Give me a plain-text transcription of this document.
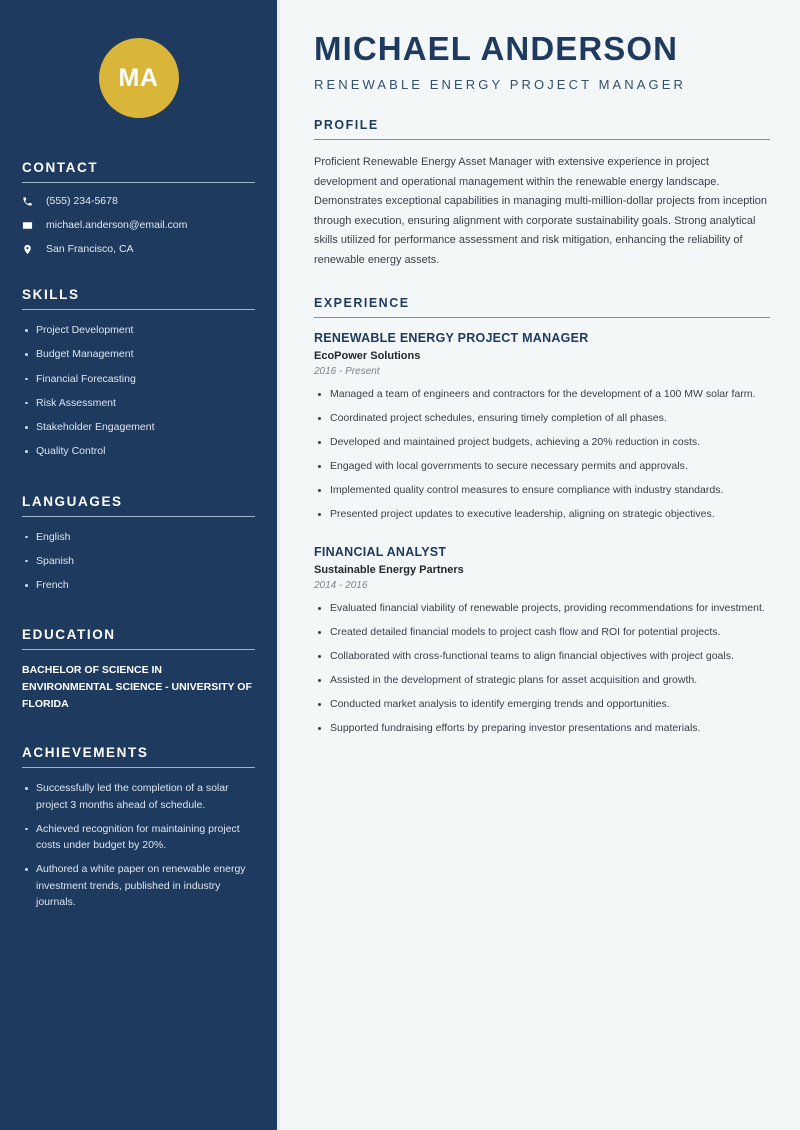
MA
CONTACT
(555) 234-5678
michael.anderson@email.com
San Francisco, CA
SKILLS
Project Development
Budget Management
Financial Forecasting
Risk Assessment
Stakeholder Engagement
Quality Control
LANGUAGES
English
Spanish
French
EDUCATION
BACHELOR OF SCIENCE IN ENVIRONMENTAL SCIENCE - UNIVERSITY OF FLORIDA
ACHIEVEMENTS
Successfully led the completion of a solar project 3 months ahead of schedule.
Achieved recognition for maintaining project costs under budget by 20%.
Authored a white paper on renewable energy investment trends, published in industry journals.
MICHAEL ANDERSON
RENEWABLE ENERGY PROJECT MANAGER
PROFILE

Proficient Renewable Energy Asset Manager with extensive experience in project development and operational management within the renewable energy landscape. Demonstrates exceptional capabilities in managing multi-million-dollar projects from inception through execution, ensuring alignment with corporate sustainability goals. Strong analytical skills utilized for performance assessment and risk mitigation, enhancing the reliability of renewable energy assets.

EXPERIENCE
RENEWABLE ENERGY PROJECT MANAGER
EcoPower Solutions
2016 - Present
Managed a team of engineers and contractors for the development of a 100 MW solar farm.
Coordinated project schedules, ensuring timely completion of all phases.
Developed and maintained project budgets, achieving a 20% reduction in costs.
Engaged with local governments to secure necessary permits and approvals.
Implemented quality control measures to ensure compliance with industry standards.
Presented project updates to executive leadership, aligning on strategic objectives.
FINANCIAL ANALYST
Sustainable Energy Partners
2014 - 2016
Evaluated financial viability of renewable projects, providing recommendations for investment.
Created detailed financial models to project cash flow and ROI for potential projects.
Collaborated with cross-functional teams to align financial objectives with project goals.
Assisted in the development of strategic plans for asset acquisition and growth.
Conducted market analysis to identify emerging trends and opportunities.
Supported fundraising efforts by preparing investor presentations and materials.
